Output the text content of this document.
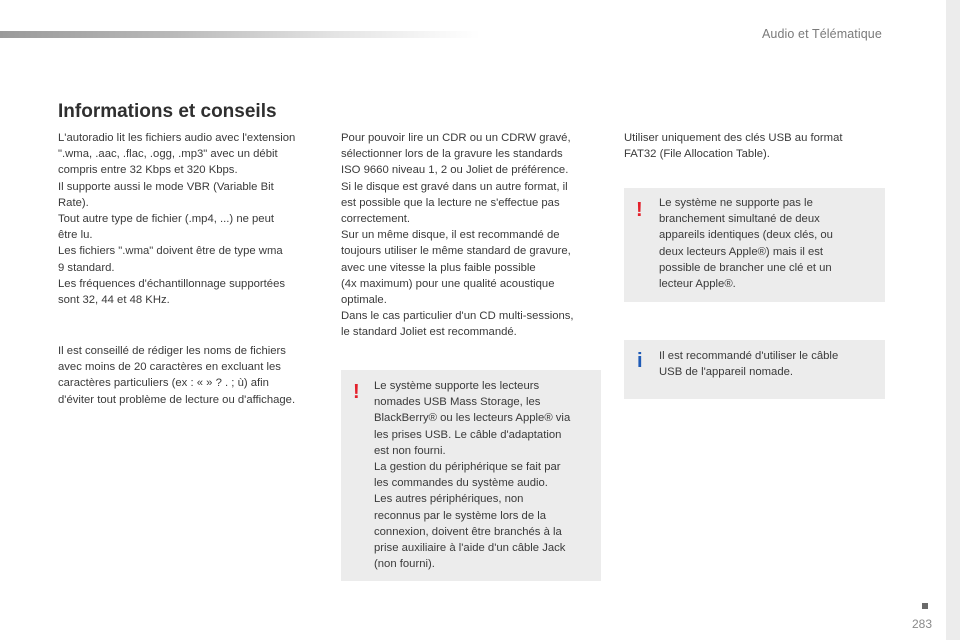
Audio et Télématique
Informations et conseils

L'autoradio lit les fichiers audio avec l'extension
".wma, .aac, .flac, .ogg, .mp3" avec un débit
compris entre 32 Kbps et 320 Kbps.
Il supporte aussi le mode VBR (Variable Bit
Rate).
Tout autre type de fichier (.mp4, ...) ne peut
être lu.
Les fichiers ".wma" doivent être de type wma
9 standard.
Les fréquences d'échantillonnage supportées
sont 32, 44 et 48 KHz.

Il est conseillé de rédiger les noms de fichiers
avec moins de 20 caractères en excluant les
caractères particuliers (ex : « » ? . ; ù) afin
d'éviter tout problème de lecture ou d'affichage.

Pour pouvoir lire un CDR ou un CDRW gravé,
sélectionner lors de la gravure les standards
ISO 9660 niveau 1, 2 ou Joliet de préférence.
Si le disque est gravé dans un autre format, il
est possible que la lecture ne s'effectue pas
correctement.
Sur un même disque, il est recommandé de
toujours utiliser le même standard de gravure,
avec une vitesse la plus faible possible
(4x maximum) pour une qualité acoustique
optimale.
Dans le cas particulier d'un CD multi-sessions,
le standard Joliet est recommandé.

! Le système supporte les lecteurs
nomades USB Mass Storage, les
BlackBerry® ou les lecteurs Apple® via
les prises USB. Le câble d'adaptation
est non fourni.
La gestion du périphérique se fait par
les commandes du système audio.
Les autres périphériques, non
reconnus par le système lors de la
connexion, doivent être branchés à la
prise auxiliaire à l'aide d'un câble Jack
(non fourni).

Utiliser uniquement des clés USB au format
FAT32 (File Allocation Table).

! Le système ne supporte pas le
branchement simultané de deux
appareils identiques (deux clés, ou
deux lecteurs Apple®) mais il est
possible de brancher une clé et un
lecteur Apple®.

i Il est recommandé d'utiliser le câble
USB de l'appareil nomade.

283
